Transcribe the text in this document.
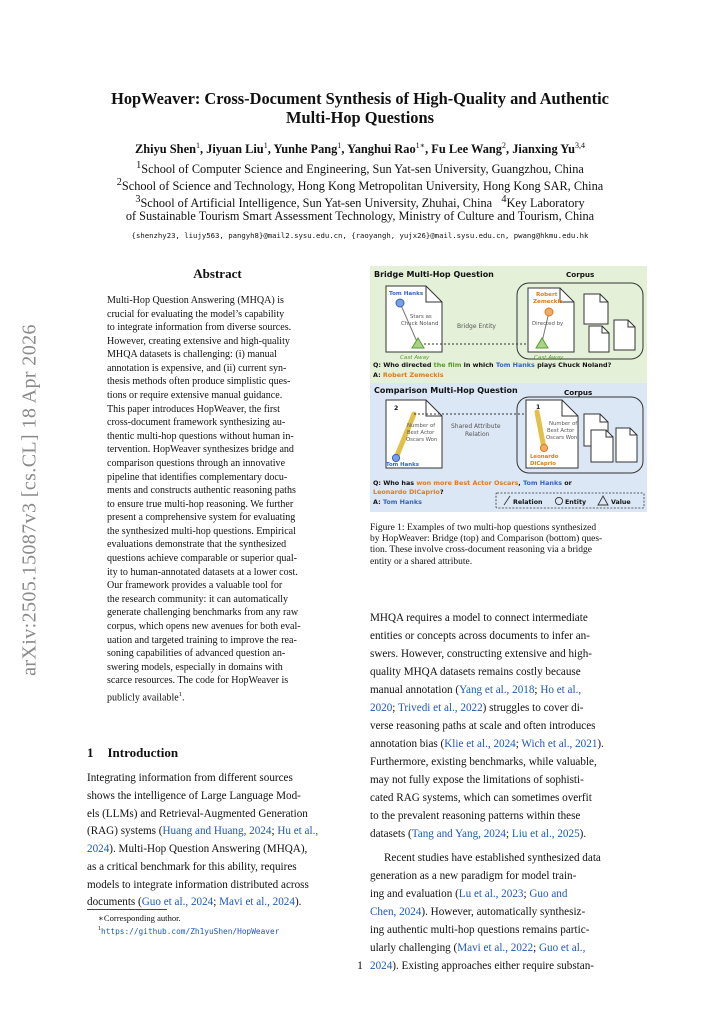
arXiv:2505.15087v3 [cs.CL] 18 Apr 2026
HopWeaver: Cross-Document Synthesis of High-Quality and Authentic
Multi-Hop Questions
Zhiyu Shen$^1$, Jiyuan Liu$^1$, Yunhe Pang$^1$, Yanghui Rao$^{1∗}$, Fu Lee Wang$^2$, Jianxing Yu$^{3,4}$
$^1$School of Computer Science and Engineering, Sun Yat-sen University, Guangzhou, China
$^2$School of Science and Technology, Hong Kong Metropolitan University, Hong Kong SAR, China
$^3$School of Artificial Intelligence, Sun Yat-sen University, Zhuhai, China $^4$Key Laboratory
of Sustainable Tourism Smart Assessment Technology, Ministry of Culture and Tourism, China
{shenzhy23, liujy563, pangyh8}@mail2.sysu.edu.cn, {raoyangh, yujx26}@mail.sysu.edu.cn, pwang@hkmu.edu.hk
Abstract
Multi-Hop Question Answering (MHQA) is
crucial for evaluating the model’s capability
to integrate information from diverse sources.
However, creating extensive and high-quality
MHQA datasets is challenging: (i) manual
annotation is expensive, and (ii) current syn-
thesis methods often produce simplistic ques-
tions or require extensive manual guidance.
This paper introduces HopWeaver, the first
cross-document framework synthesizing au-
thentic multi-hop questions without human in-
tervention. HopWeaver synthesizes bridge and
comparison questions through an innovative
pipeline that identifies complementary docu-
ments and constructs authentic reasoning paths
to ensure true multi-hop reasoning. We further
present a comprehensive system for evaluating
the synthesized multi-hop questions. Empirical
evaluations demonstrate that the synthesized
questions achieve comparable or superior qual-
ity to human-annotated datasets at a lower cost.
Our framework provides a valuable tool for
the research community: it can automatically
generate challenging benchmarks from any raw
corpus, which opens new avenues for both eval-
uation and targeted training to improve the rea-
soning capabilities of advanced question an-
swering models, especially in domains with
scarce resources. The code for HopWeaver is
publicly available$^1$.
1 Introduction
Integrating information from different sources
shows the intelligence of Large Language Mod-
els (LLMs) and Retrieval-Augmented Generation
(RAG) systems (Huang and Huang, 2024; Hu et al.,
2024). Multi-Hop Question Answering (MHQA),
as a critical benchmark for this ability, requires
models to integrate information distributed across
documents (Guo et al., 2024; Mavi et al., 2024).
∗Corresponding author.
$^1$https://github.com/Zh1yuShen/HopWeaver
Bridge Multi-Hop Question	Corpus
Tom Hanks
Stars as Chuck Noland
Cast Away
Bridge Entity
Robert Zemeckis
Directed by
Cast Away
Q: Who directed the film in which Tom Hanks plays Chuck Noland?
A: Robert Zemeckis
Comparison Multi-Hop Question	Corpus
2
Number of Best Actor Oscars Won
Tom Hanks
Shared Attribute Relation
1
Number of Best Actor Oscars Won
Leonardo DiCaprio
Q: Who has won more Best Actor Oscars, Tom Hanks or
Leonardo DiCaprio?
A: Tom Hanks	Relation	Entity	Value
Figure 1: Examples of two multi-hop questions synthesized
by HopWeaver: Bridge (top) and Comparison (bottom) ques-
tion. These involve cross-document reasoning via a bridge
entity or a shared attribute.
MHQA requires a model to connect intermediate
entities or concepts across documents to infer an-
swers. However, constructing extensive and high-
quality MHQA datasets remains costly because
manual annotation (Yang et al., 2018; Ho et al.,
2020; Trivedi et al., 2022) struggles to cover di-
verse reasoning paths at scale and often introduces
annotation bias (Klie et al., 2024; Wich et al., 2021).
Furthermore, existing benchmarks, while valuable,
may not fully expose the limitations of sophisti-
cated RAG systems, which can sometimes overfit
to the prevalent reasoning patterns within these
datasets (Tang and Yang, 2024; Liu et al., 2025).
Recent studies have established synthesized data
generation as a new paradigm for model train-
ing and evaluation (Lu et al., 2023; Guo and
Chen, 2024). However, automatically synthesiz-
ing authentic multi-hop questions remains partic-
ularly challenging (Mavi et al., 2022; Guo et al.,
2024). Existing approaches either require substan-
1
